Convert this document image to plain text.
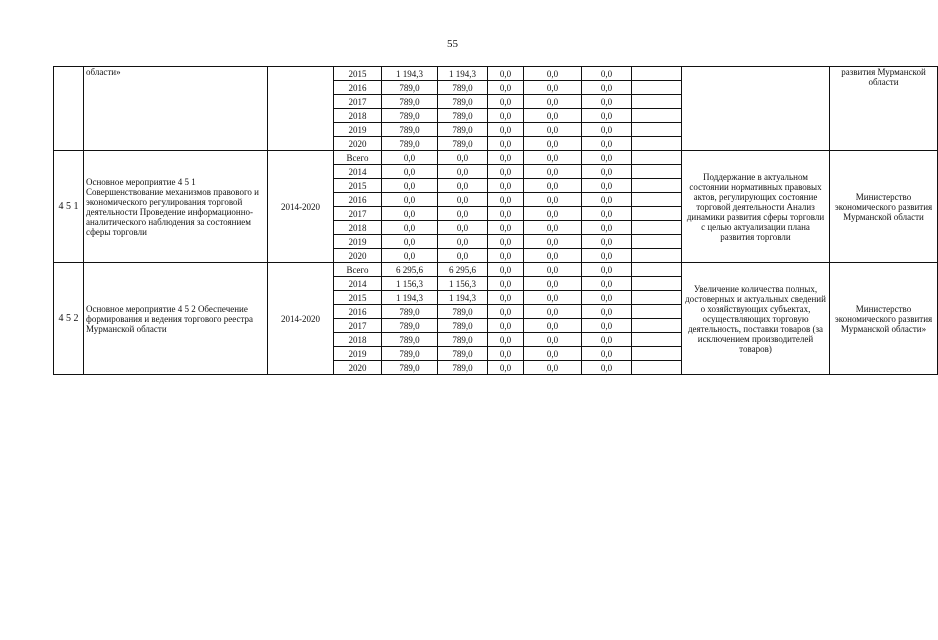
55
	области»		2015	1 194,3	1 194,3	0,0	0,0	0,0			развития Мурманской области
			2016	789,0	789,0	0,0	0,0	0,0			
			2017	789,0	789,0	0,0	0,0	0,0			
			2018	789,0	789,0	0,0	0,0	0,0			
			2019	789,0	789,0	0,0	0,0	0,0			
			2020	789,0	789,0	0,0	0,0	0,0			
4 5 1	Основное мероприятие 4 5 1 Совершенствование механизмов правового и экономического регулирования торговой деятельности Проведение информационно-аналитического наблюдения за состоянием сферы торговли	2014-2020	Всего	0,0	0,0	0,0	0,0	0,0		Поддержание в актуальном состоянии нормативных правовых актов, регулирующих состояние торговой деятельности Анализ динамики развития сферы торговли с целью актуализации плана развития торговли	Министерство экономического развития Мурманской области
			2014	0,0	0,0	0,0	0,0	0,0			
			2015	0,0	0,0	0,0	0,0	0,0			
			2016	0,0	0,0	0,0	0,0	0,0			
			2017	0,0	0,0	0,0	0,0	0,0			
			2018	0,0	0,0	0,0	0,0	0,0			
			2019	0,0	0,0	0,0	0,0	0,0			
			2020	0,0	0,0	0,0	0,0	0,0			
4 5 2	Основное мероприятие 4 5 2 Обеспечение формирования и ведения торгового реестра Мурманской области	2014-2020	Всего	6 295,6	6 295,6	0,0	0,0	0,0		Увеличение количества полных, достоверных и актуальных сведений о хозяйствующих субъектах, осуществляющих торговую деятельность, поставки товаров (за исключением производителей товаров)	Министерство экономического развития Мурманской области»
			2014	1 156,3	1 156,3	0,0	0,0	0,0			
			2015	1 194,3	1 194,3	0,0	0,0	0,0			
			2016	789,0	789,0	0,0	0,0	0,0			
			2017	789,0	789,0	0,0	0,0	0,0			
			2018	789,0	789,0	0,0	0,0	0,0			
			2019	789,0	789,0	0,0	0,0	0,0			
			2020	789,0	789,0	0,0	0,0	0,0			
